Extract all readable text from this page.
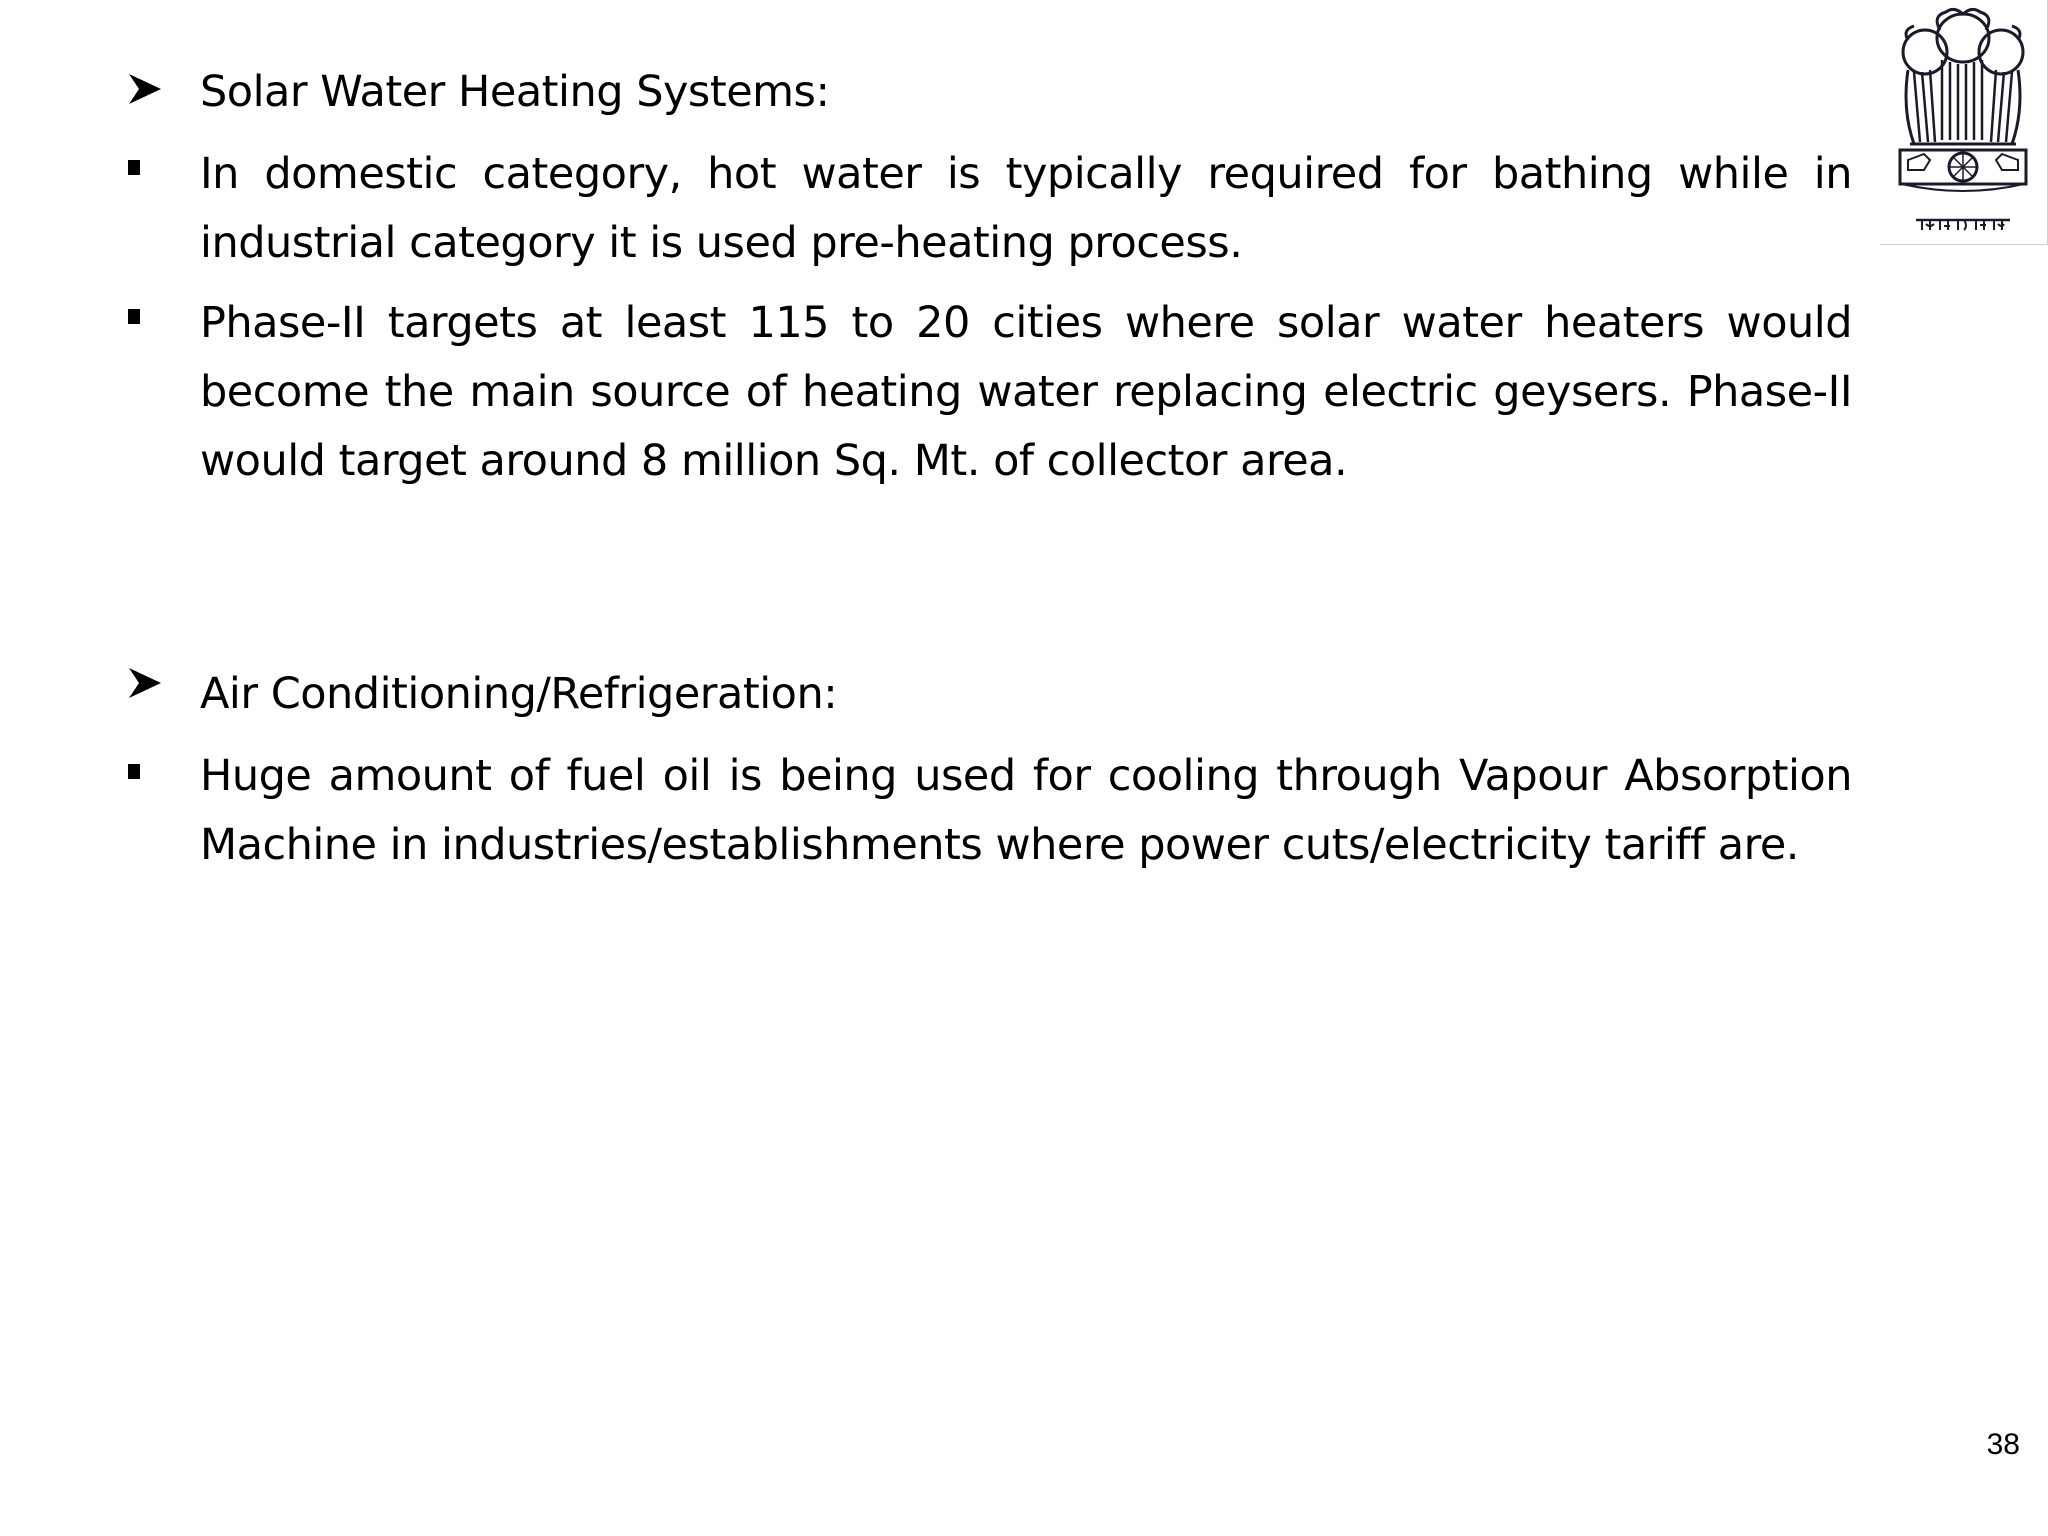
Solar Water Heating Systems:
In domestic category, hot water is typically required for bathing while in industrial category it is used pre-heating process.
Phase-II targets at least 115 to 20 cities where solar water heaters would become the main source of heating water replacing electric geysers. Phase-II would target around 8 million Sq. Mt. of collector area.
Air Conditioning/Refrigeration:
Huge amount of fuel oil is being used for cooling through Vapour Absorption Machine in industries/establishments where power cuts/electricity tariff are.
38
